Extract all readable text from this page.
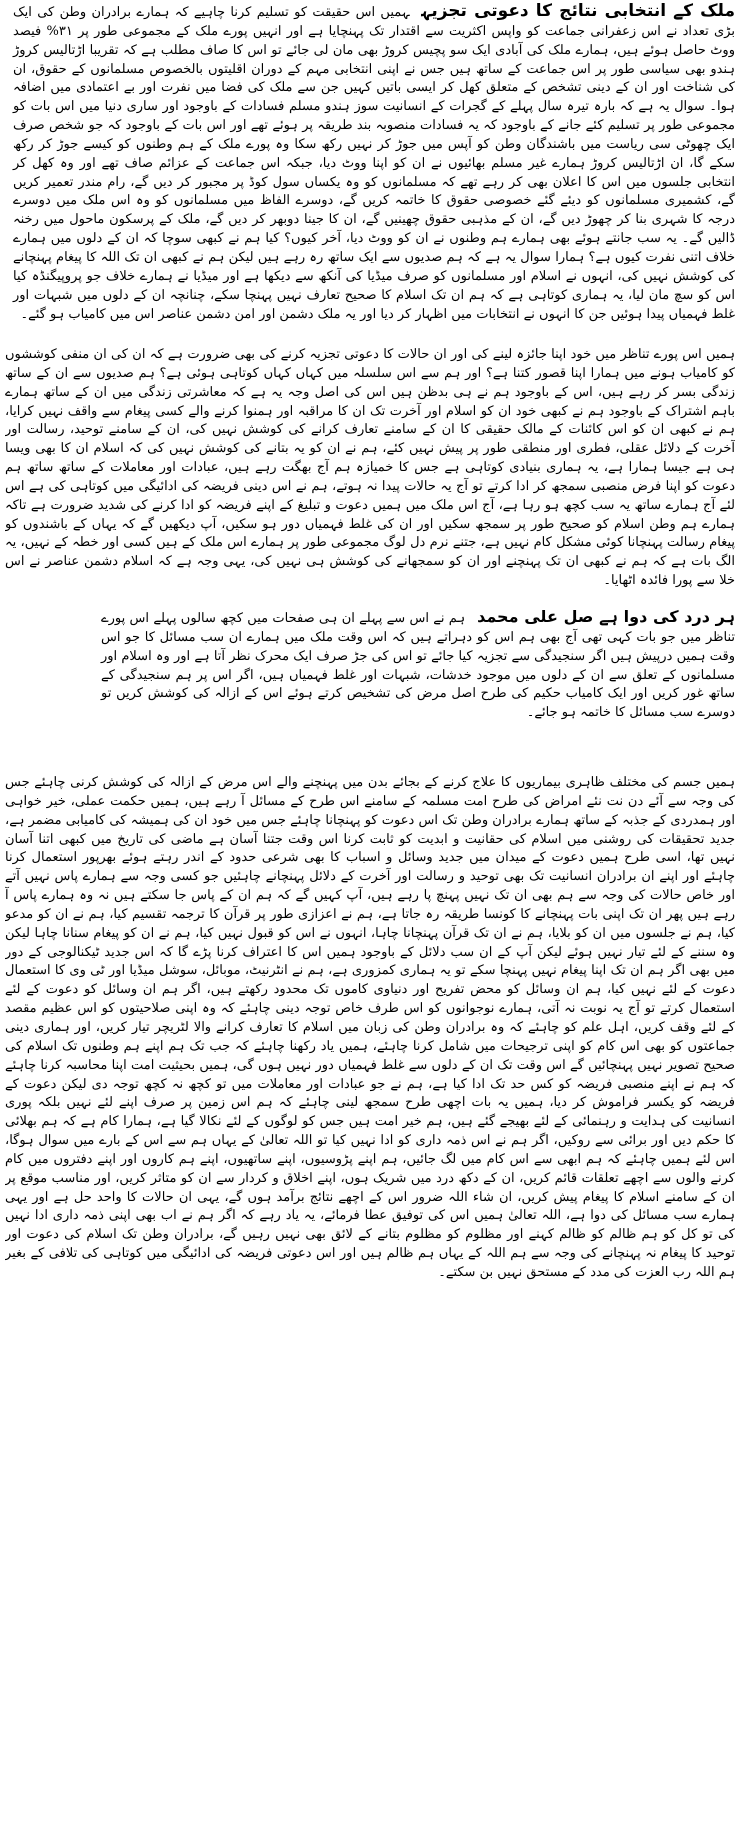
ملک کے انتخابی نتائج کا دعوتی تجزیہہمیں اس حقیقت کو تسلیم کرنا چاہیے کہ ہمارے برادران وطن کی ایک بڑی تعداد نے اس زعفرانی جماعت کو واپس اکثریت سے اقتدار تک پہنچایا ہے اور انہیں پورے ملک کے مجموعی طور پر ۳۱% فیصد ووٹ حاصل ہوئے ہیں، ہمارے ملک کی آبادی ایک سو پچیس کروڑ بھی مان لی جائے تو اس کا صاف مطلب ہے کہ تقریبا اڑتالیس کروڑ ہندو بھی سیاسی طور پر اس جماعت کے ساتھ ہیں جس نے اپنی انتخابی مہم کے دوران اقلیتوں بالخصوص مسلمانوں کے حقوق، ان کی شناخت اور ان کے دینی تشخص کے متعلق کھل کر ایسی باتیں کہیں جن سے ملک کی فضا میں نفرت اور بے اعتمادی میں اضافہ ہوا۔ سوال یہ ہے کہ بارہ تیرہ سال پہلے کے گجرات کے انسانیت سوز ہندو مسلم فسادات کے باوجود اور ساری دنیا میں اس بات کو مجموعی طور پر تسلیم کئے جانے کے باوجود کہ یہ فسادات منصوبہ بند طریقہ پر ہوئے تھے اور اس بات کے باوجود کہ جو شخص صرف ایک چھوٹی سی ریاست میں باشندگان وطن کو آپس میں جوڑ کر نہیں رکھ سکا وہ پورے ملک کے ہم وطنوں کو کیسے جوڑ کر رکھ سکے گا، ان اڑتالیس کروڑ ہمارے غیر مسلم بھائیوں نے ان کو اپنا ووٹ دیا، جبکہ اس جماعت کے عزائم صاف تھے اور وہ کھل کر انتخابی جلسوں میں اس کا اعلان بھی کر رہے تھے کہ مسلمانوں کو وہ یکساں سول کوڈ پر مجبور کر دیں گے، رام مندر تعمیر کریں گے، کشمیری مسلمانوں کو دیئے گئے خصوصی حقوق کا خاتمہ کریں گے، دوسرے الفاظ میں مسلمانوں کو وہ اس ملک میں دوسرے درجہ کا شہری بنا کر چھوڑ دیں گے، ان کے مذہبی حقوق چھینیں گے، ان کا جینا دوبھر کر دیں گے، ملک کے پرسکون ماحول میں رخنہ ڈالیں گے۔ یہ سب جانتے ہوئے بھی ہمارے ہم وطنوں نے ان کو ووٹ دیا، آخر کیوں؟ کیا ہم نے کبھی سوچا کہ ان کے دلوں میں ہمارے خلاف اتنی نفرت کیوں ہے؟ ہمارا سوال یہ ہے کہ ہم صدیوں سے ایک ساتھ رہ رہے ہیں لیکن ہم نے کبھی ان تک اللہ کا پیغام پہنچانے کی کوشش نہیں کی، انہوں نے اسلام اور مسلمانوں کو صرف میڈیا کی آنکھ سے دیکھا ہے اور میڈیا نے ہمارے خلاف جو پروپیگنڈہ کیا اس کو سچ مان لیا، یہ ہماری کوتاہی ہے کہ ہم ان تک اسلام کا صحیح تعارف نہیں پہنچا سکے، چنانچہ ان کے دلوں میں شبہات اور غلط فہمیاں پیدا ہوئیں جن کا انہوں نے انتخابات میں اظہار کر دیا اور یہ ملک دشمن اور امن دشمن عناصر اس میں کامیاب ہو گئے۔

ہمیں اس پورے تناظر میں خود اپنا جائزہ لینے کی اور ان حالات کا دعوتی تجزیہ کرنے کی بھی ضرورت ہے کہ ان کی ان منفی کوششوں کو کامیاب ہونے میں ہمارا اپنا قصور کتنا ہے؟ اور ہم سے اس سلسلہ میں کہاں کہاں کوتاہی ہوئی ہے؟ ہم صدیوں سے ان کے ساتھ زندگی بسر کر رہے ہیں، اس کے باوجود ہم نے ہی بدظن ہیں اس کی اصل وجہ یہ ہے کہ معاشرتی زندگی میں ان کے ساتھ ہمارے باہم اشتراک کے باوجود ہم نے کبھی خود ان کو اسلام اور آخرت تک ان کا مراقبہ اور ہمنوا کرنے والے کسی پیغام سے واقف نہیں کرایا، ہم نے کبھی ان کو اس کائنات کے مالک حقیقی کا ان کے سامنے تعارف کرانے کی کوشش نہیں کی، ان کے سامنے توحید، رسالت اور آخرت کے دلائل عقلی، فطری اور منطقی طور پر پیش نہیں کئے، ہم نے ان کو یہ بتانے کی کوشش نہیں کی کہ اسلام ان کا بھی ویسا ہی ہے جیسا ہمارا ہے، یہ ہماری بنیادی کوتاہی ہے جس کا خمیازہ ہم آج بھگت رہے ہیں، عبادات اور معاملات کے ساتھ ساتھ ہم دعوت کو اپنا فرض منصبی سمجھ کر ادا کرتے تو آج یہ حالات پیدا نہ ہوتے، ہم نے اس دینی فریضہ کی ادائیگی میں کوتاہی کی ہے اس لئے آج ہمارے ساتھ یہ سب کچھ ہو رہا ہے، آج اس ملک میں ہمیں دعوت و تبلیغ کے اپنے فریضہ کو ادا کرنے کی شدید ضرورت ہے تاکہ ہمارے ہم وطن اسلام کو صحیح طور پر سمجھ سکیں اور ان کی غلط فہمیاں دور ہو سکیں، آپ دیکھیں گے کہ یہاں کے باشندوں کو پیغام رسالت پہنچانا کوئی مشکل کام نہیں ہے، جتنے نرم دل لوگ مجموعی طور پر ہمارے اس ملک کے ہیں کسی اور خطہ کے نہیں، یہ الگ بات ہے کہ ہم نے کبھی ان تک پہنچنے اور ان کو سمجھانے کی کوشش ہی نہیں کی، یہی وجہ ہے کہ اسلام دشمن عناصر نے اس خلا سے پورا فائدہ اٹھایا۔

ہر درد کی دوا ہے صل علی محمدہم نے اس سے پہلے ان ہی صفحات میں کچھ سالوں پہلے اس پورے تناظر میں جو بات کہی تھی آج بھی ہم اس کو دہراتے ہیں کہ اس وقت ملک میں ہمارے ان سب مسائل کا جو اس وقت ہمیں درپیش ہیں اگر سنجیدگی سے تجزیہ کیا جائے تو اس کی جڑ صرف ایک محرک نظر آتا ہے اور وہ اسلام اور مسلمانوں کے تعلق سے ان کے دلوں میں موجود خدشات، شبہات اور غلط فہمیاں ہیں، اگر اس پر ہم سنجیدگی کے ساتھ غور کریں اور ایک کامیاب حکیم کی طرح اصل مرض کی تشخیص کرتے ہوئے اس کے ازالہ کی کوشش کریں تو دوسرے سب مسائل کا خاتمہ ہو جائے۔

ہمیں جسم کی مختلف ظاہری بیماریوں کا علاج کرنے کے بجائے بدن میں پہنچنے والے اس مرض کے ازالہ کی کوشش کرنی چاہئے جس کی وجہ سے آئے دن نت نئے امراض کی طرح امت مسلمہ کے سامنے اس طرح کے مسائل آ رہے ہیں، ہمیں حکمت عملی، خیر خواہی اور ہمدردی کے جذبہ کے ساتھ ہمارے برادران وطن تک اس دعوت کو پہنچانا چاہئے جس میں خود ان کی ہمیشہ کی کامیابی مضمر ہے، جدید تحقیقات کی روشنی میں اسلام کی حقانیت و ابدیت کو ثابت کرنا اس وقت جتنا آسان ہے ماضی کی تاریخ میں کبھی اتنا آسان نہیں تھا، اسی طرح ہمیں دعوت کے میدان میں جدید وسائل و اسباب کا بھی شرعی حدود کے اندر رہتے ہوئے بھرپور استعمال کرنا چاہئے اور اپنے ان برادران انسانیت تک بھی توحید و رسالت اور آخرت کے دلائل پہنچانے چاہئیں جو کسی وجہ سے ہمارے پاس نہیں آتے اور خاص حالات کی وجہ سے ہم بھی ان تک نہیں پہنچ پا رہے ہیں، آپ کہیں گے کہ ہم ان کے پاس جا سکتے ہیں نہ وہ ہمارے پاس آ رہے ہیں پھر ان تک اپنی بات پہنچانے کا کونسا طریقہ رہ جاتا ہے، ہم نے اعزازی طور پر قرآن کا ترجمہ تقسیم کیا، ہم نے ان کو مدعو کیا، ہم نے جلسوں میں ان کو بلایا، ہم نے ان تک قرآن پہنچانا چاہا، انہوں نے اس کو قبول نہیں کیا، ہم نے ان کو پیغام سنانا چاہا لیکن وہ سننے کے لئے تیار نہیں ہوئے لیکن آپ کے ان سب دلائل کے باوجود ہمیں اس کا اعتراف کرنا پڑے گا کہ اس جدید ٹیکنالوجی کے دور میں بھی اگر ہم ان تک اپنا پیغام نہیں پہنچا سکے تو یہ ہماری کمزوری ہے، ہم نے انٹرنیٹ، موبائل، سوشل میڈیا اور ٹی وی کا استعمال دعوت کے لئے نہیں کیا، ہم ان وسائل کو محض تفریح اور دنیاوی کاموں تک محدود رکھتے ہیں، اگر ہم ان وسائل کو دعوت کے لئے استعمال کرتے تو آج یہ نوبت نہ آتی، ہمارے نوجوانوں کو اس طرف خاص توجہ دینی چاہئے کہ وہ اپنی صلاحیتوں کو اس عظیم مقصد کے لئے وقف کریں، اہل علم کو چاہئے کہ وہ برادران وطن کی زبان میں اسلام کا تعارف کرانے والا لٹریچر تیار کریں، اور ہماری دینی جماعتوں کو بھی اس کام کو اپنی ترجیحات میں شامل کرنا چاہئے، ہمیں یاد رکھنا چاہئے کہ جب تک ہم اپنے ہم وطنوں تک اسلام کی صحیح تصویر نہیں پہنچائیں گے اس وقت تک ان کے دلوں سے غلط فہمیاں دور نہیں ہوں گی، ہمیں بحیثیت امت اپنا محاسبہ کرنا چاہئے کہ ہم نے اپنے منصبی فریضہ کو کس حد تک ادا کیا ہے، ہم نے جو عبادات اور معاملات میں تو کچھ نہ کچھ توجہ دی لیکن دعوت کے فریضہ کو یکسر فراموش کر دیا، ہمیں یہ بات اچھی طرح سمجھ لینی چاہئے کہ ہم اس زمین پر صرف اپنے لئے نہیں بلکہ پوری انسانیت کی ہدایت و رہنمائی کے لئے بھیجے گئے ہیں، ہم خیر امت ہیں جس کو لوگوں کے لئے نکالا گیا ہے، ہمارا کام ہے کہ ہم بھلائی کا حکم دیں اور برائی سے روکیں، اگر ہم نے اس ذمہ داری کو ادا نہیں کیا تو اللہ تعالیٰ کے یہاں ہم سے اس کے بارے میں سوال ہوگا، اس لئے ہمیں چاہئے کہ ہم ابھی سے اس کام میں لگ جائیں، ہم اپنے پڑوسیوں، اپنے ساتھیوں، اپنے ہم کاروں اور اپنے دفتروں میں کام کرنے والوں سے اچھے تعلقات قائم کریں، ان کے دکھ درد میں شریک ہوں، اپنے اخلاق و کردار سے ان کو متاثر کریں، اور مناسب موقع پر ان کے سامنے اسلام کا پیغام پیش کریں، ان شاء اللہ ضرور اس کے اچھے نتائج برآمد ہوں گے، یہی ان حالات کا واحد حل ہے اور یہی ہمارے سب مسائل کی دوا ہے، اللہ تعالیٰ ہمیں اس کی توفیق عطا فرمائے، یہ یاد رہے کہ اگر ہم نے اب بھی اپنی ذمہ داری ادا نہیں کی تو کل کو ہم ظالم کو ظالم کہنے اور مظلوم کو مظلوم بتانے کے لائق بھی نہیں رہیں گے، برادران وطن تک اسلام کی دعوت اور توحید کا پیغام نہ پہنچانے کی وجہ سے ہم اللہ کے یہاں ہم ظالم ہیں اور اس دعوتی فریضہ کی ادائیگی میں کوتاہی کی تلافی کے بغیر ہم اللہ رب العزت کی مدد کے مستحق نہیں بن سکتے۔
